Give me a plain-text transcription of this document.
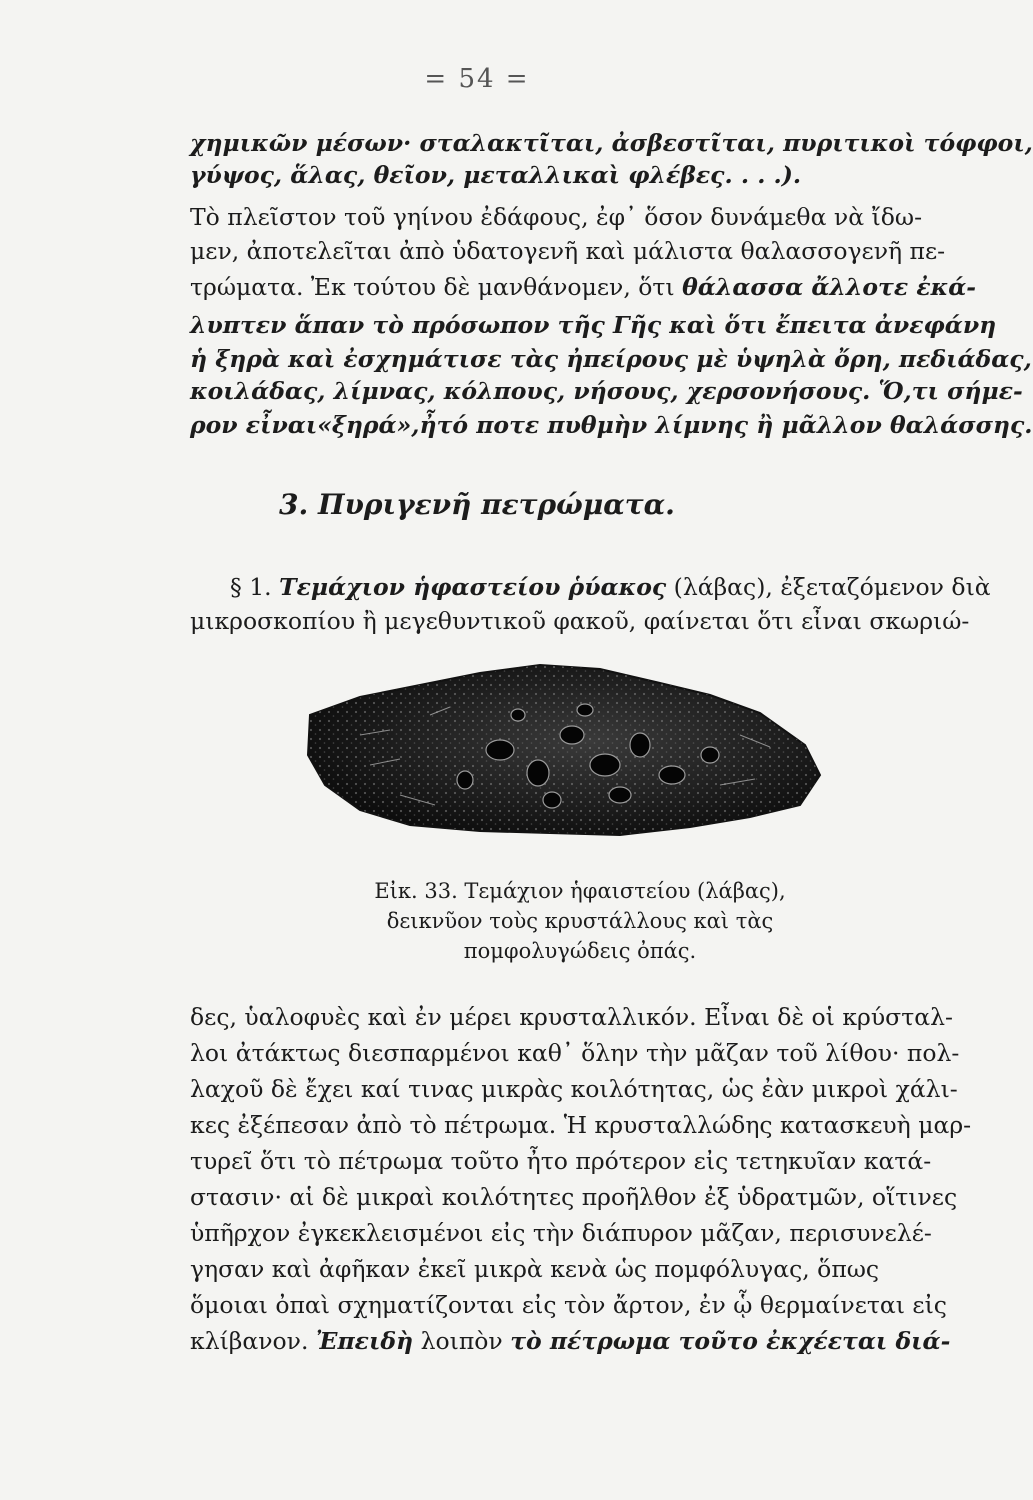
= 54 =
χημικῶν μέσων· σταλακτῖται, ἀσβεστῖται, πυριτικοὶ τόφφοι,
γύψος, ἅλας, θεῖον, μεταλλικαὶ φλέβες. . . .).
Τὸ πλεῖστον τοῦ γηίνου ἐδάφους, ἐφ᾽ ὅσον δυνάμεθα νὰ ἴδω-
μεν, ἀποτελεῖται ἀπὸ ὑδατογενῆ καὶ μάλιστα θαλασσογενῆ πε-
τρώματα. Ἐκ τούτου δὲ μανθάνομεν, ὅτι θάλασσα ἄλλοτε ἐκά-
λυπτεν ἅπαν τὸ πρόσωπον τῆς Γῆς καὶ ὅτι ἔπειτα ἀνεφάνη
ἡ ξηρὰ καὶ ἐσχημάτισε τὰς ἠπείρους μὲ ὑψηλὰ ὄρη, πεδιάδας,
κοιλάδας, λίμνας, κόλπους, νήσους, χερσονήσους. Ὅ,τι σήμε-
ρον εἶναι«ξηρά»,ἦτό ποτε πυθμὴν λίμνης ἢ μᾶλλον θαλάσσης.
3. Πυριγενῆ πετρώματα.
§ 1. Τεμάχιον ἡφαστείου ῥύακος (λάβας), ἐξεταζόμενον διὰ
μικροσκοπίου ἢ μεγεθυντικοῦ φακοῦ, φαίνεται ὅτι εἶναι σκωριώ-
Εἰκ. 33. Τεμάχιον ἡφαιστείου (λάβας),
δεικνῦον τοὺς κρυστάλλους καὶ τὰς
πομφολυγώδεις ὀπάς.
δες, ὑαλοφυὲς καὶ ἐν μέρει κρυσταλλικόν. Εἶναι δὲ οἱ κρύσταλ-
λοι ἀτάκτως διεσπαρμένοι καθ᾽ ὅλην τὴν μᾶζαν τοῦ λίθου· πολ-
λαχοῦ δὲ ἔχει καί τινας μικρὰς κοιλότητας, ὡς ἐὰν μικροὶ χάλι-
κες ἐξέπεσαν ἀπὸ τὸ πέτρωμα. Ἡ κρυσταλλώδης κατασκευὴ μαρ-
τυρεῖ ὅτι τὸ πέτρωμα τοῦτο ἦτο πρότερον εἰς τετηκυῖαν κατά-
στασιν· αἱ δὲ μικραὶ κοιλότητες προῆλθον ἐξ ὑδρατμῶν, οἵτινες
ὑπῆρχον ἐγκεκλεισμένοι εἰς τὴν διάπυρον μᾶζαν, περισυνελέ-
γησαν καὶ ἀφῆκαν ἐκεῖ μικρὰ κενὰ ὡς πομφόλυγας, ὅπως
ὅμοιαι ὀπαὶ σχηματίζονται εἰς τὸν ἄρτον, ἐν ᾧ θερμαίνεται εἰς
κλίβανον. Ἐπειδὴ λοιπὸν τὸ πέτρωμα τοῦτο ἐκχέεται διά-
